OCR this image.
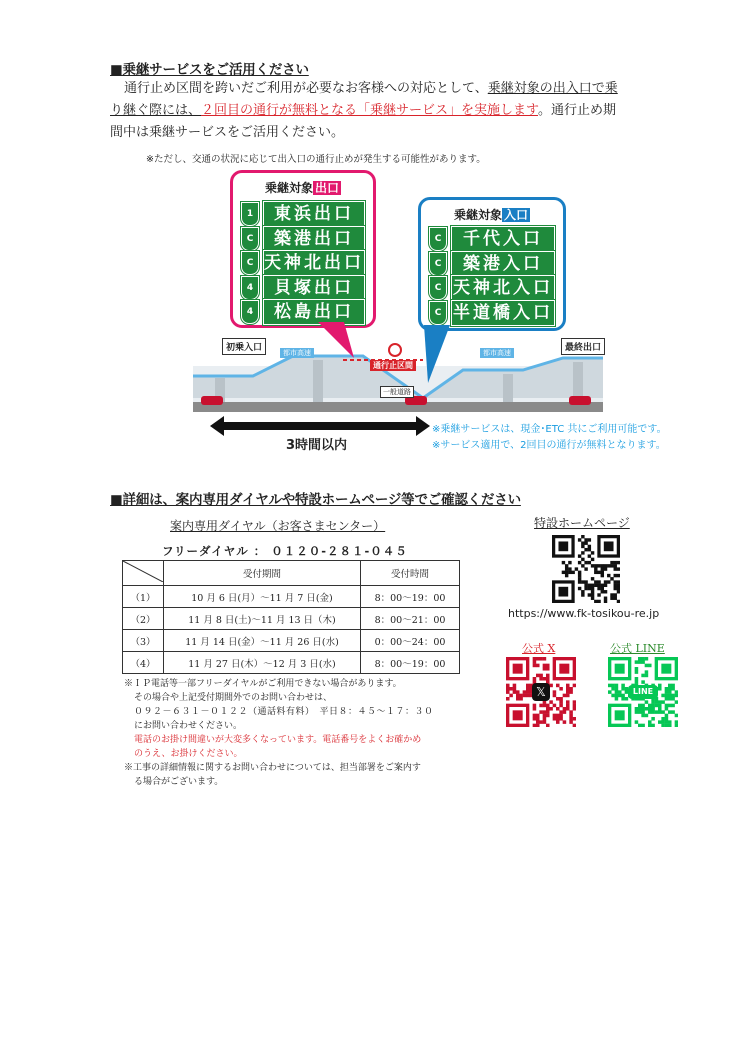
■乗継サービスをご活用ください
通行止め区間を跨いだご利用が必要なお客様への対応として、乗継対象の出入口で乗
り継ぐ際には、２回目の通行が無料となる「乗継サービス」を実施します。通行止め期
間中は乗継サービスをご活用ください。
※ただし、交通の状況に応じて出入口の通行止めが発生する可能性があります。
乗継対象 出口
1	東浜出口
C	築港出口
C 天神北出口
4	貝塚出口
4	松島出口
乗継対象 入口
C	千代入口
C	築港入口
C 天神北入口
C 半道橋入口
初乗入口	最終出口
都市高速	都市高速
通行止区間
一般道路
3時間以内
※乗継サービスは、現金･ETC 共にご利用可能です。
※サービス適用で、2回目の通行が無料となります。
■詳細は、案内専用ダイヤルや特設ホームページ等でご確認ください
案内専用ダイヤル（お客さまセンター）
フリーダイヤル ： ０１２０-２８１-０４５
	受付期間	受付時間
（1）	10 月 6 日(月）～11 月 7 日(金)	8：00～19：00
（2）	11 月 8 日(土)～11 月 13 日（木)	8：00～21：00
（3）	11 月 14 日(金）～11 月 26 日(水)	0：00～24：00
（4）	11 月 27 日(木）～12 月 3 日(水)	8：00～19：00
※ＩＰ電話等一部フリーダイヤルがご利用できない場合があります。
その場合や上記受付期間外でのお問い合わせは、
０９２－６３１－０１２２（通話料有料）　平日８：４５～１７：３０
にお問い合わせください。
電話のお掛け間違いが大変多くなっています。電話番号をよくお確かめ
のうえ、お掛けください。
※工事の詳細情報に関するお問い合わせについては、担当部署をご案内す
る場合がございます。
特設ホームページ
https://www.fk-tosikou-re.jp
公式 X
𝕏
公式 LINE
LINE
